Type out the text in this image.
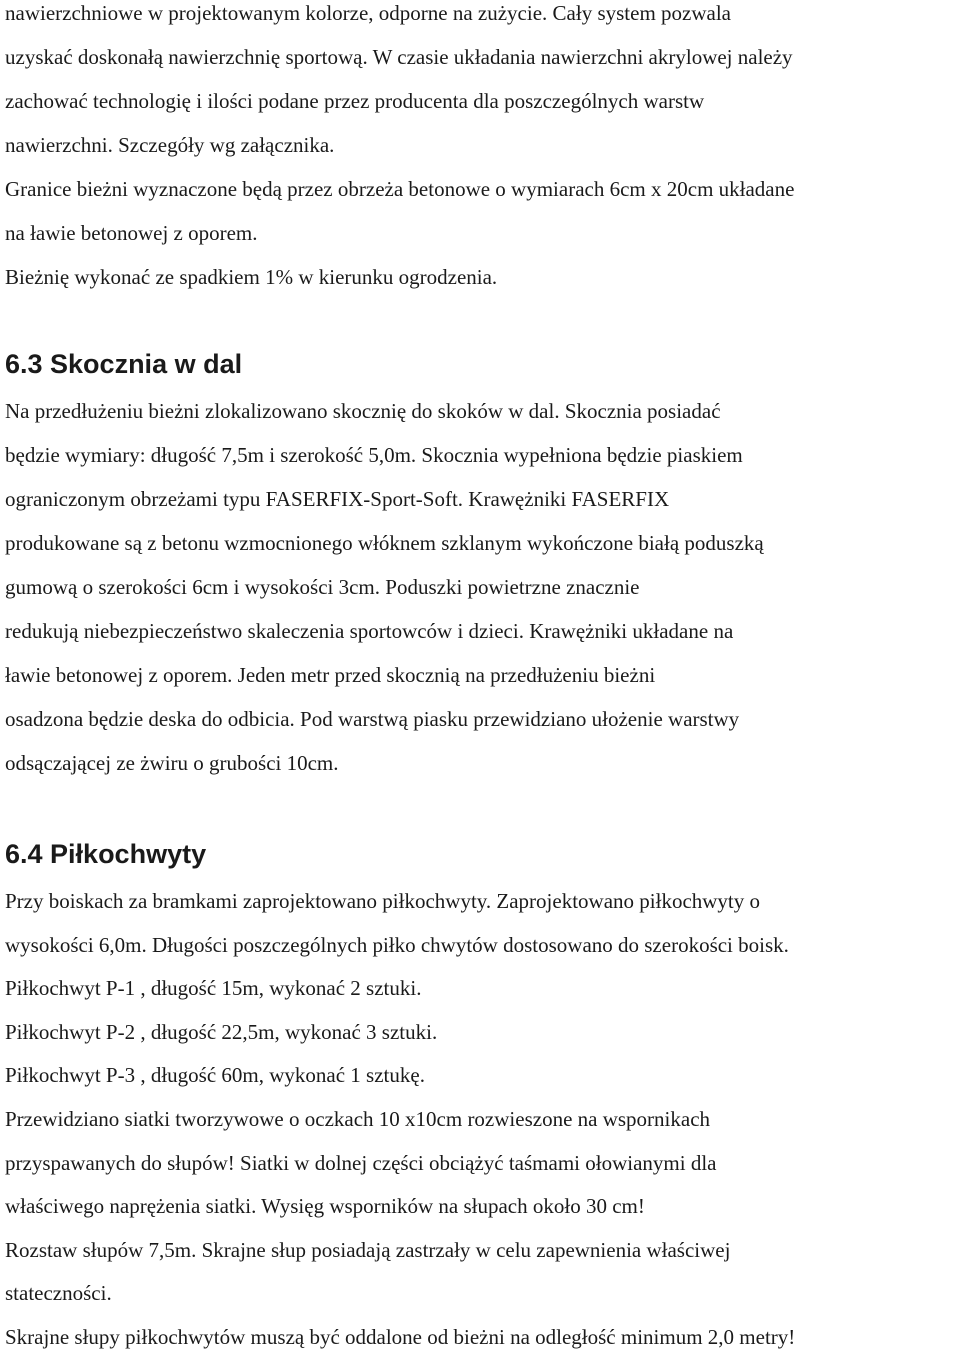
nawierzchniowe w projektowanym kolorze, odporne na zużycie. Cały system pozwala
uzyskać doskonałą nawierzchnię sportową. W czasie układania nawierzchni akrylowej należy
zachować technologię i ilości podane przez producenta dla poszczególnych warstw
nawierzchni. Szczegóły wg załącznika.
Granice bieżni wyznaczone będą przez obrzeża betonowe o wymiarach 6cm x 20cm układane
na ławie betonowej z oporem.
Bieżnię wykonać ze spadkiem 1% w kierunku ogrodzenia.

6.3 Skocznia w dal

Na przedłużeniu bieżni zlokalizowano skocznię do skoków w dal. Skocznia posiadać
będzie wymiary: długość 7,5m i szerokość 5,0m. Skocznia wypełniona będzie piaskiem
ograniczonym obrzeżami typu FASERFIX-Sport-Soft. Krawężniki FASERFIX
produkowane są z betonu wzmocnionego włóknem szklanym wykończone białą poduszką
gumową o szerokości 6cm i wysokości 3cm. Poduszki powietrzne znacznie
redukują niebezpieczeństwo skaleczenia sportowców i dzieci. Krawężniki układane na
ławie betonowej z oporem. Jeden metr przed skocznią na przedłużeniu bieżni
osadzona będzie deska do odbicia. Pod warstwą piasku przewidziano ułożenie warstwy
odsączającej ze żwiru o grubości 10cm.

6.4 Piłkochwyty

Przy boiskach za bramkami zaprojektowano piłkochwyty. Zaprojektowano piłkochwyty o
wysokości 6,0m. Długości poszczególnych piłko chwytów dostosowano do szerokości boisk.
Piłkochwyt P-1 , długość 15m, wykonać 2 sztuki.
Piłkochwyt P-2 , długość 22,5m, wykonać 3 sztuki.
Piłkochwyt P-3 , długość 60m, wykonać 1 sztukę.
Przewidziano siatki tworzywowe o oczkach 10 x10cm rozwieszone na wspornikach
przyspawanych do słupów! Siatki w dolnej części obciążyć taśmami ołowianymi dla
właściwego naprężenia siatki. Wysięg wsporników na słupach około 30 cm!
Rozstaw słupów 7,5m. Skrajne słup posiadają zastrzały w celu zapewnienia właściwej
stateczności.
Skrajne słupy piłkochwytów muszą być oddalone od bieżni na odległość minimum 2,0 metry!
